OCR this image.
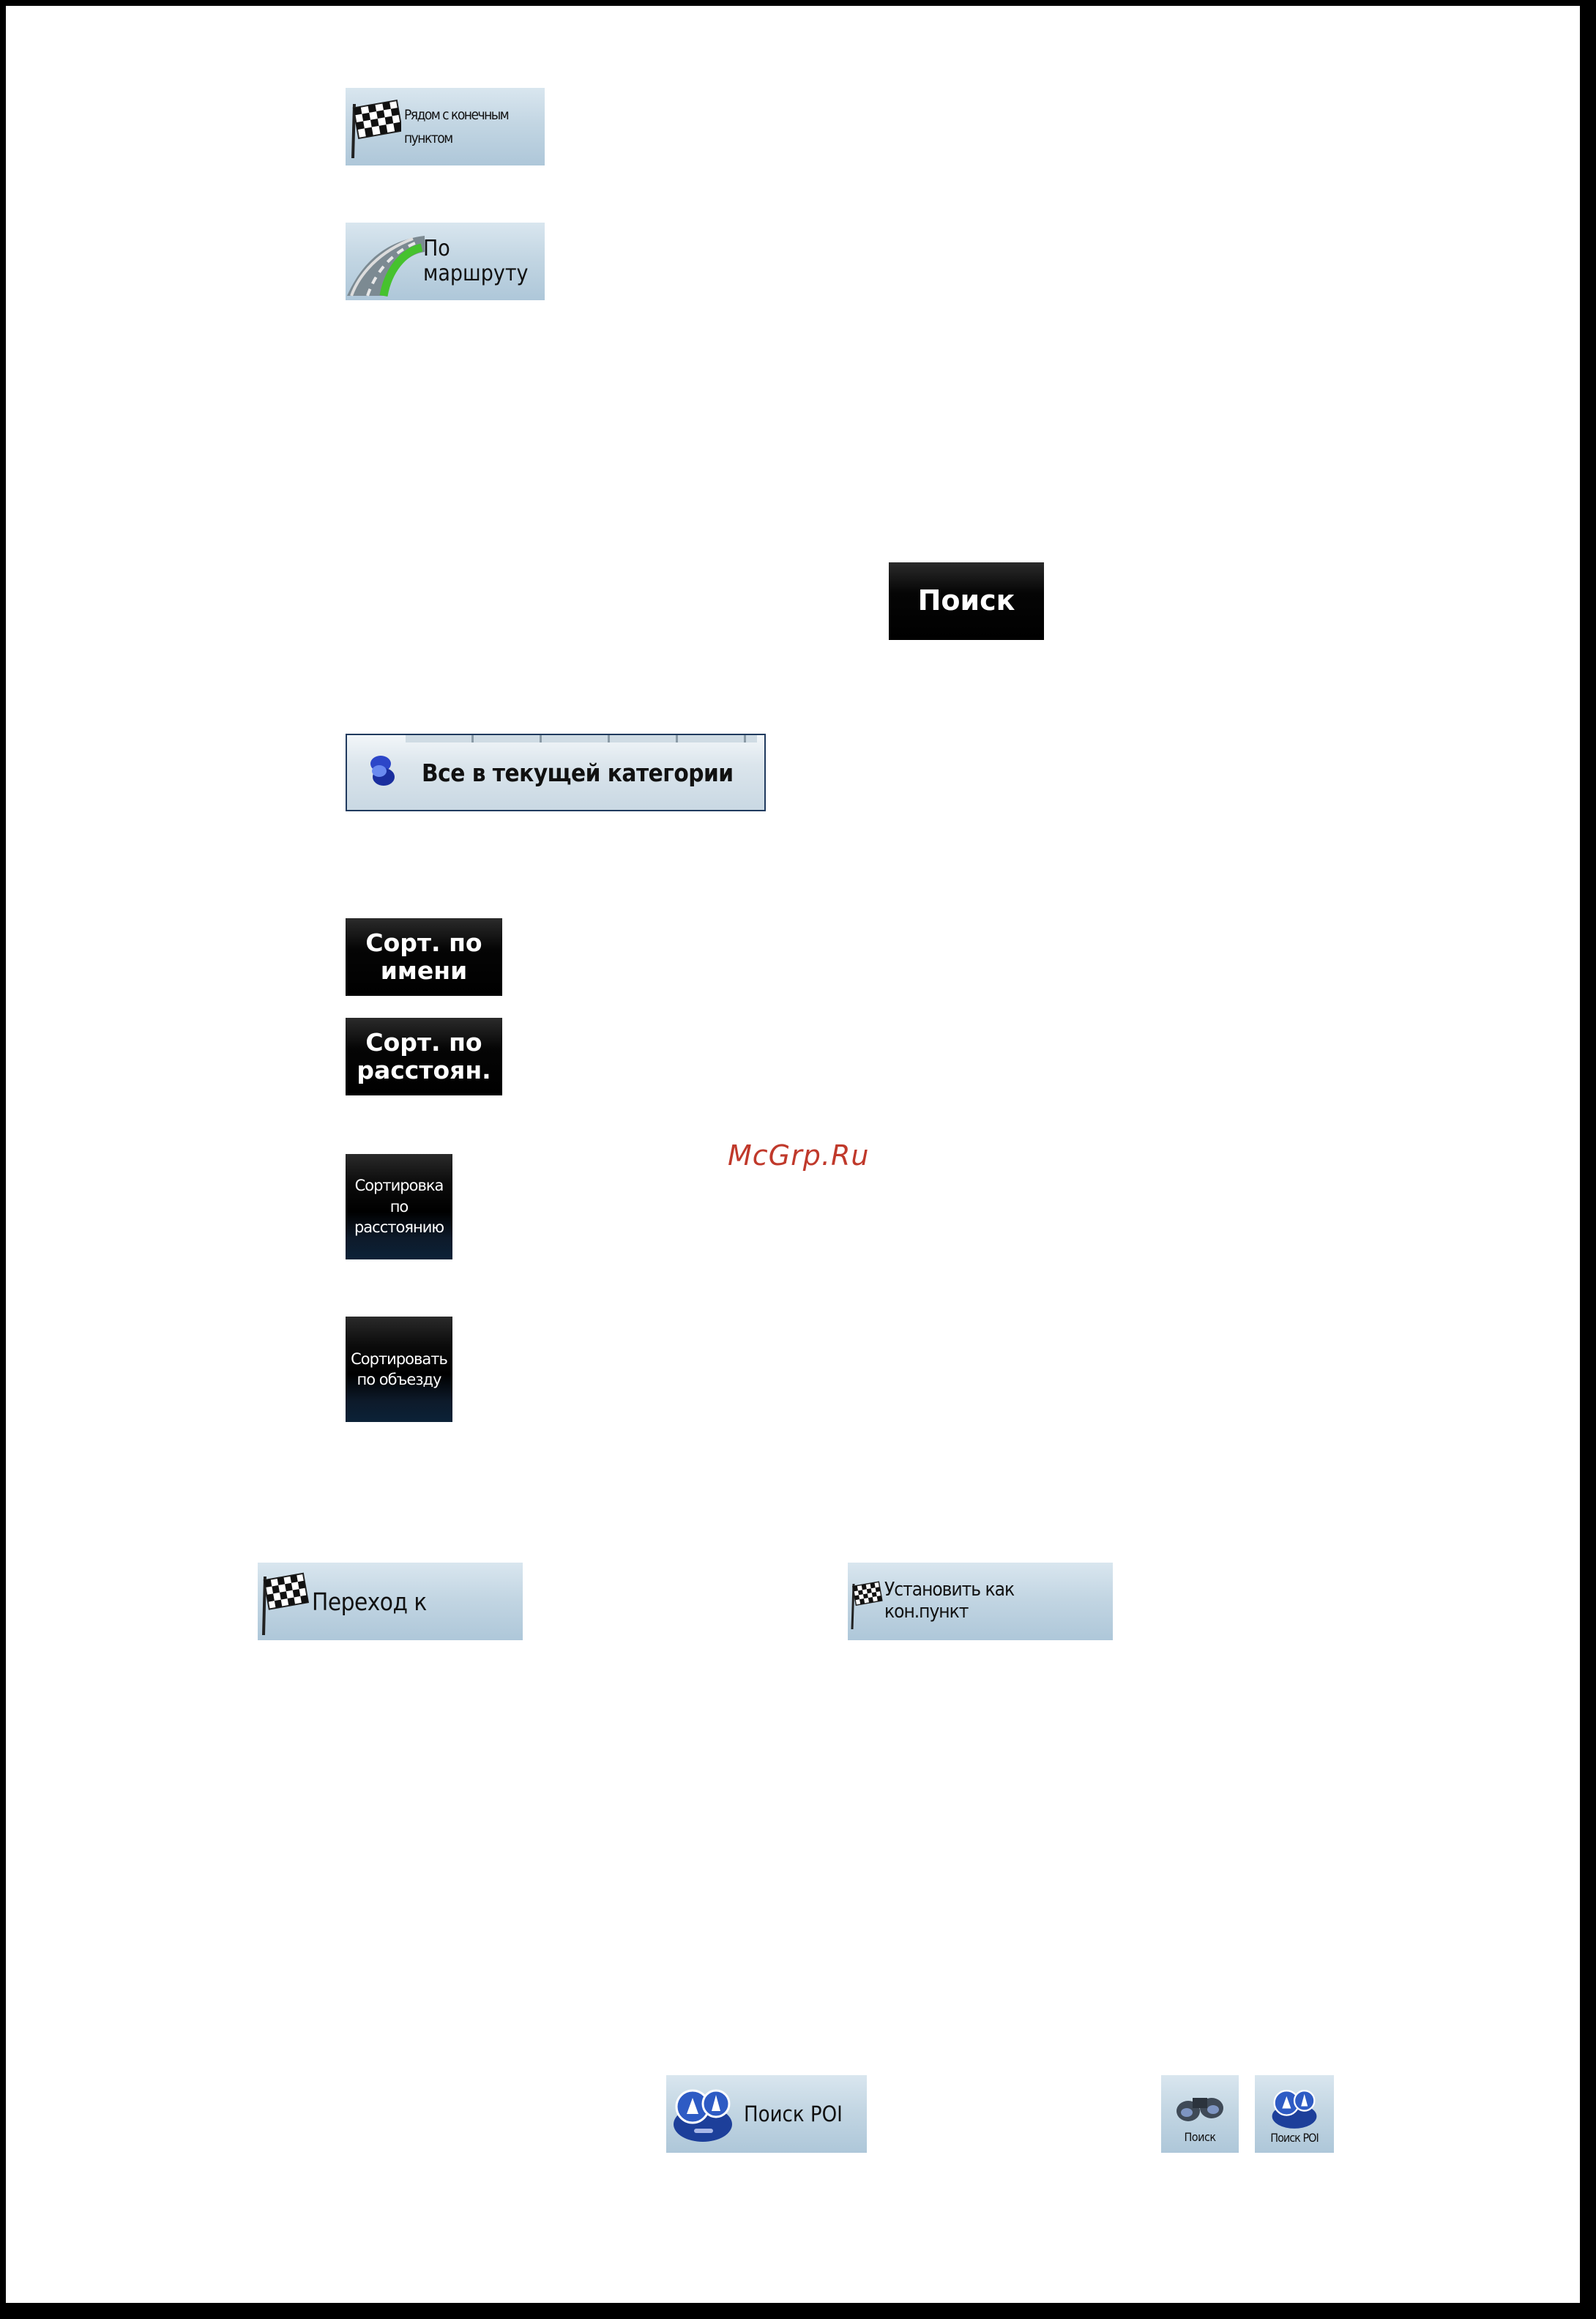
Рядом с конечным пунктом
По маршруту
Поиск
Все в текущей категории
Сорт. по имени
Сорт. по расстоян.
Сортировка по расстоянию
Сортировать по объезду
McGrp.Ru
Переход к	Установить как кон.пункт
Поиск POI
Поиск	Поиск POI
